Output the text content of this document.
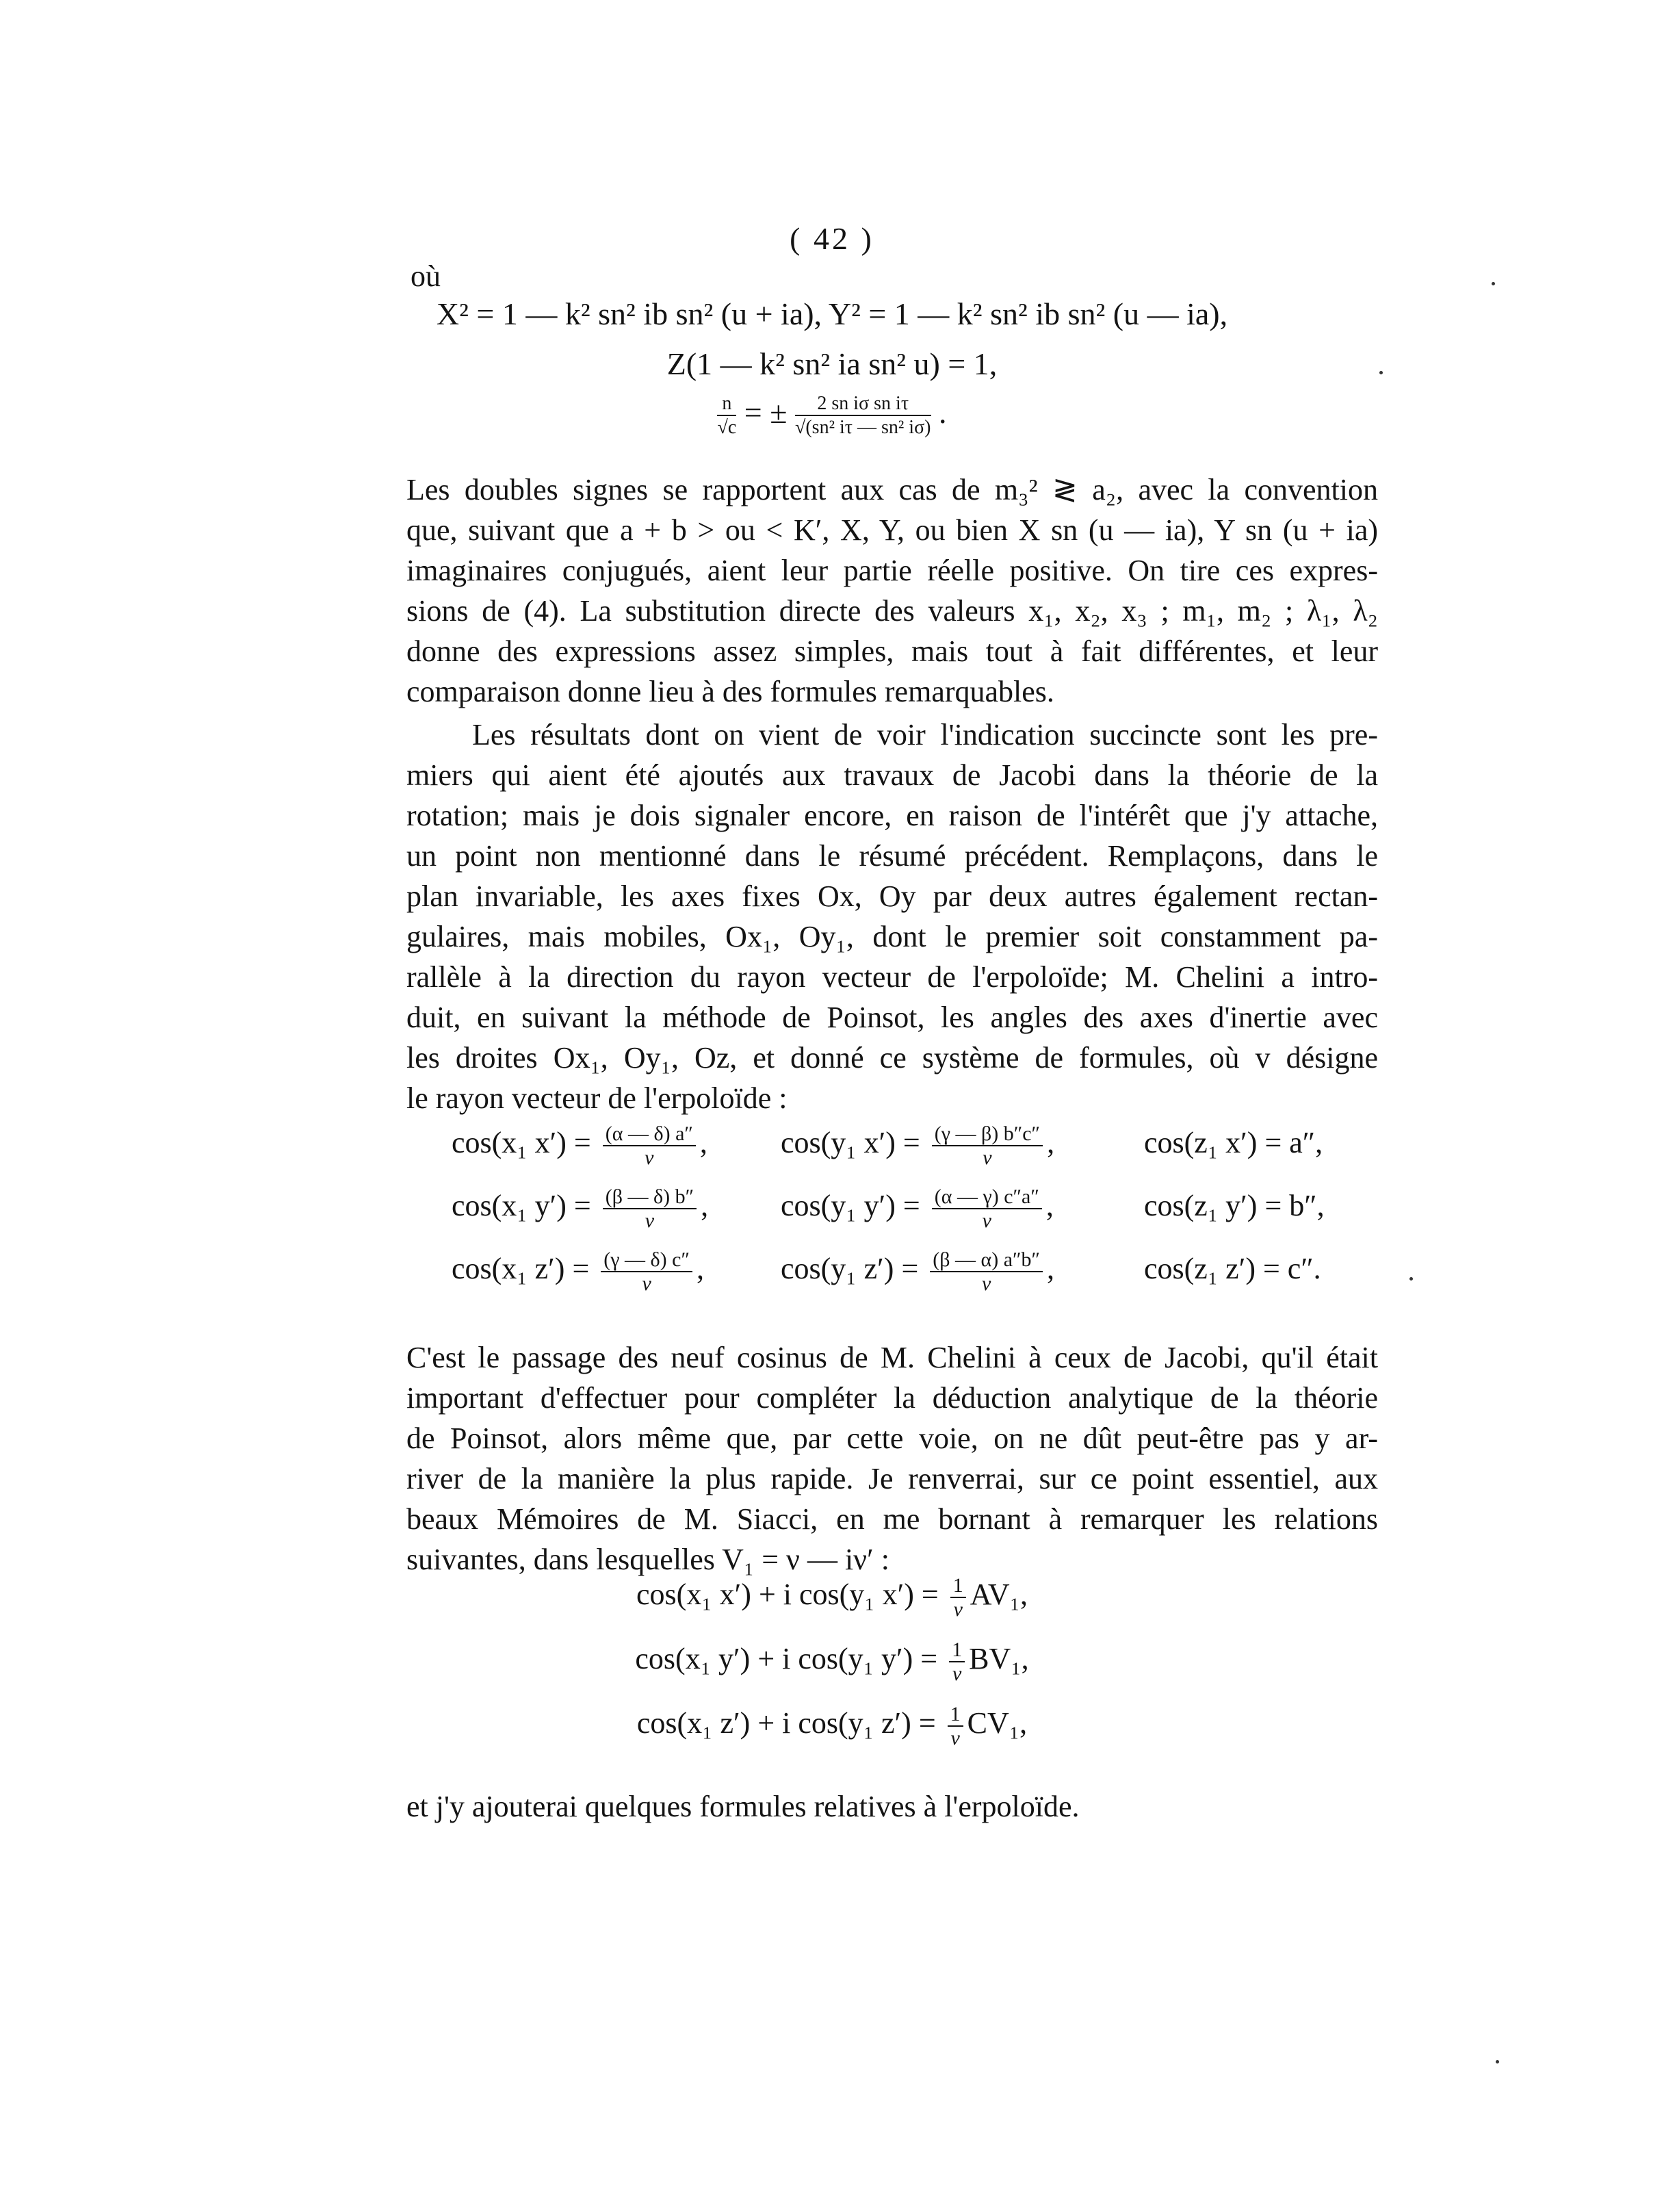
( 42 )
où
X² = 1 — k² sn² ib sn² (u + ia), Y² = 1 — k² sn² ib sn² (u — ia),
Z(1 — k² sn² ia sn² u) = 1,
$\frac{n}{√c}$ = ± $\frac{\text{2 sn iσ sn iτ}}{\text{√(sn² iτ — sn² iσ)}}$ .
Les doubles signes se rapportent aux cas de m₃² ≷ a₂, avec la convention
que, suivant que a + b > ou < K′, X, Y, ou bien X sn (u — ia), Y sn (u + ia)
imaginaires conjugués, aient leur partie réelle positive. On tire ces expres-
sions de (4). La substitution directe des valeurs x₁, x₂, x₃ ; m₁, m₂ ; λ₁, λ₂
donne des expressions assez simples, mais tout à fait différentes, et leur
comparaison donne lieu à des formules remarquables.
Les résultats dont on vient de voir l'indication succincte sont les pre-
miers qui aient été ajoutés aux travaux de Jacobi dans la théorie de la
rotation; mais je dois signaler encore, en raison de l'intérêt que j'y attache,
un point non mentionné dans le résumé précédent. Remplaçons, dans le
plan invariable, les axes fixes Ox, Oy par deux autres également rectan-
gulaires, mais mobiles, Ox₁, Oy₁, dont le premier soit constamment pa-
rallèle à la direction du rayon vecteur de l'erpoloïde; M. Chelini a intro-
duit, en suivant la méthode de Poinsot, les angles des axes d'inertie avec
les droites Ox₁, Oy₁, Oz, et donné ce système de formules, où v désigne
le rayon vecteur de l'erpoloïde :
cos(x₁ $x') = \frac{(\alpha — \delta) a''}{v}$ , cos(y₁ $x') = \frac{(\gamma — \beta) b''c''}{v}$ ,	cos(z₁ x′) = a″,
cos(x₁ $y') = \frac{(\beta — \delta) b''}{v}$ , cos(y₁ $y') = \frac{(\alpha — \gamma) c''a''}{v}$ ,	cos(z₁ y′) = b″,
cos(x₁ $z') = \frac{(\gamma — \delta) c''}{v}$ ,	cos(y₁ $z') = \frac{(\beta — \alpha) a''b''}{v}$ ,	cos(z₁ z′) = c″.
C'est le passage des neuf cosinus de M. Chelini à ceux de Jacobi, qu'il était
important d'effectuer pour compléter la déduction analytique de la théorie
de Poinsot, alors même que, par cette voie, on ne dût peut-être pas y ar-
river de la manière la plus rapide. Je renverrai, sur ce point essentiel, aux
beaux Mémoires de M. Siacci, en me bornant à remarquer les relations
suivantes, dans lesquelles V₁ = ν — iν′ :
cos(x₁ x′) + i cos(y₁ $x') = \frac{1}{v} AV_1$,
cos(x₁ y′) + i cos(y₁ $y') = \frac{1}{v} BV_1$,
cos(x₁ z′) + i cos(y₁ $z') = \frac{1}{v} CV_1$,
et j'y ajouterai quelques formules relatives à l'erpoloïde.
